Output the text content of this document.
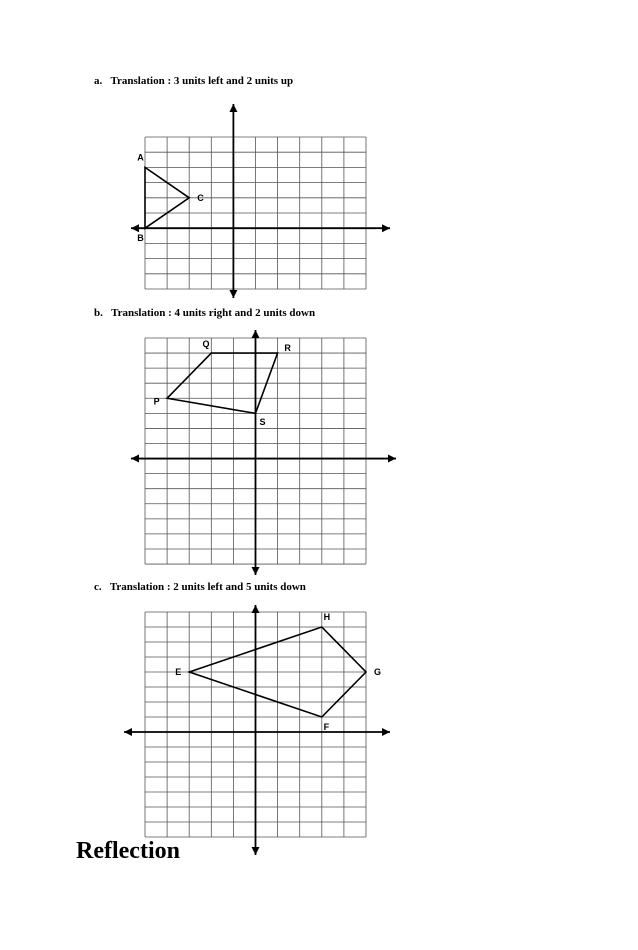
a. Translation : 3 units left and 2 units up
A
C
B
b. Translation : 4 units right and 2 units down
Q	R
S
P
c. Translation : 2 units left and 5 units down
H
G
F
E
Reflection
